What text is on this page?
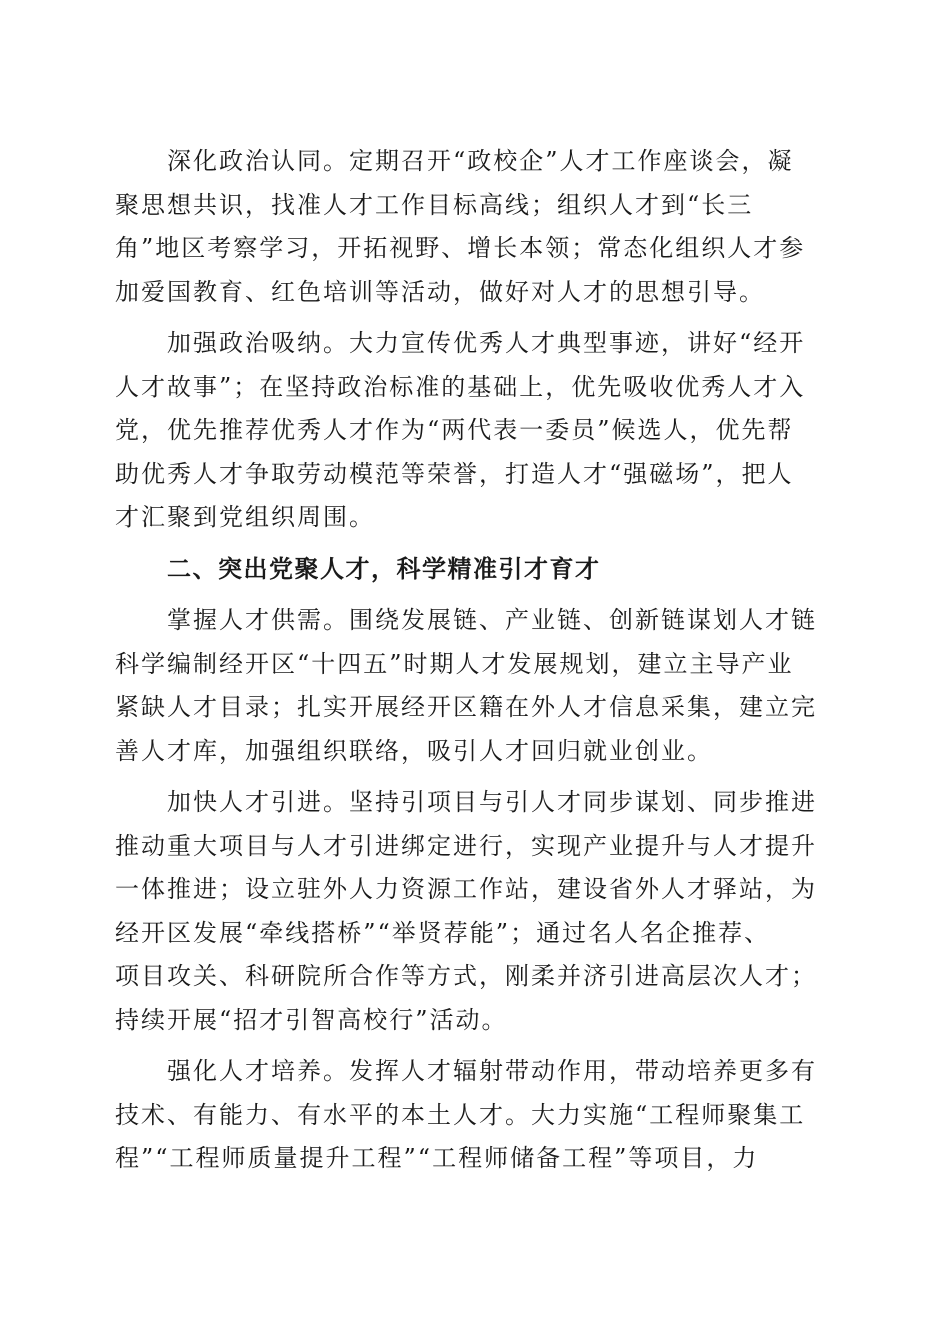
深化政治认同。定期召开“政校企”人才工作座谈会，凝
聚思想共识，找准人才工作目标高线；组织人才到“长三
角”地区考察学习，开拓视野、增长本领；常态化组织人才参
加爱国教育、红色培训等活动，做好对人才的思想引导。

加强政治吸纳。大力宣传优秀人才典型事迹，讲好“经开
人才故事”；在坚持政治标准的基础上，优先吸收优秀人才入
党，优先推荐优秀人才作为“两代表一委员”候选人，优先帮
助优秀人才争取劳动模范等荣誉，打造人才“强磁场”，把人
才汇聚到党组织周围。

二、突出党聚人才，科学精准引才育才

掌握人才供需。围绕发展链、产业链、创新链谋划人才链
科学编制经开区“十四五”时期人才发展规划，建立主导产业
紧缺人才目录；扎实开展经开区籍在外人才信息采集，建立完
善人才库，加强组织联络，吸引人才回归就业创业。

加快人才引进。坚持引项目与引人才同步谋划、同步推进
推动重大项目与人才引进绑定进行，实现产业提升与人才提升
一体推进；设立驻外人力资源工作站，建设省外人才驿站，为
经开区发展“牵线搭桥”“举贤荐能”；通过名人名企推荐、
项目攻关、科研院所合作等方式，刚柔并济引进高层次人才；
持续开展“招才引智高校行”活动。

强化人才培养。发挥人才辐射带动作用，带动培养更多有
技术、有能力、有水平的本土人才。大力实施“工程师聚集工
程”“工程师质量提升工程”“工程师储备工程”等项目，力
